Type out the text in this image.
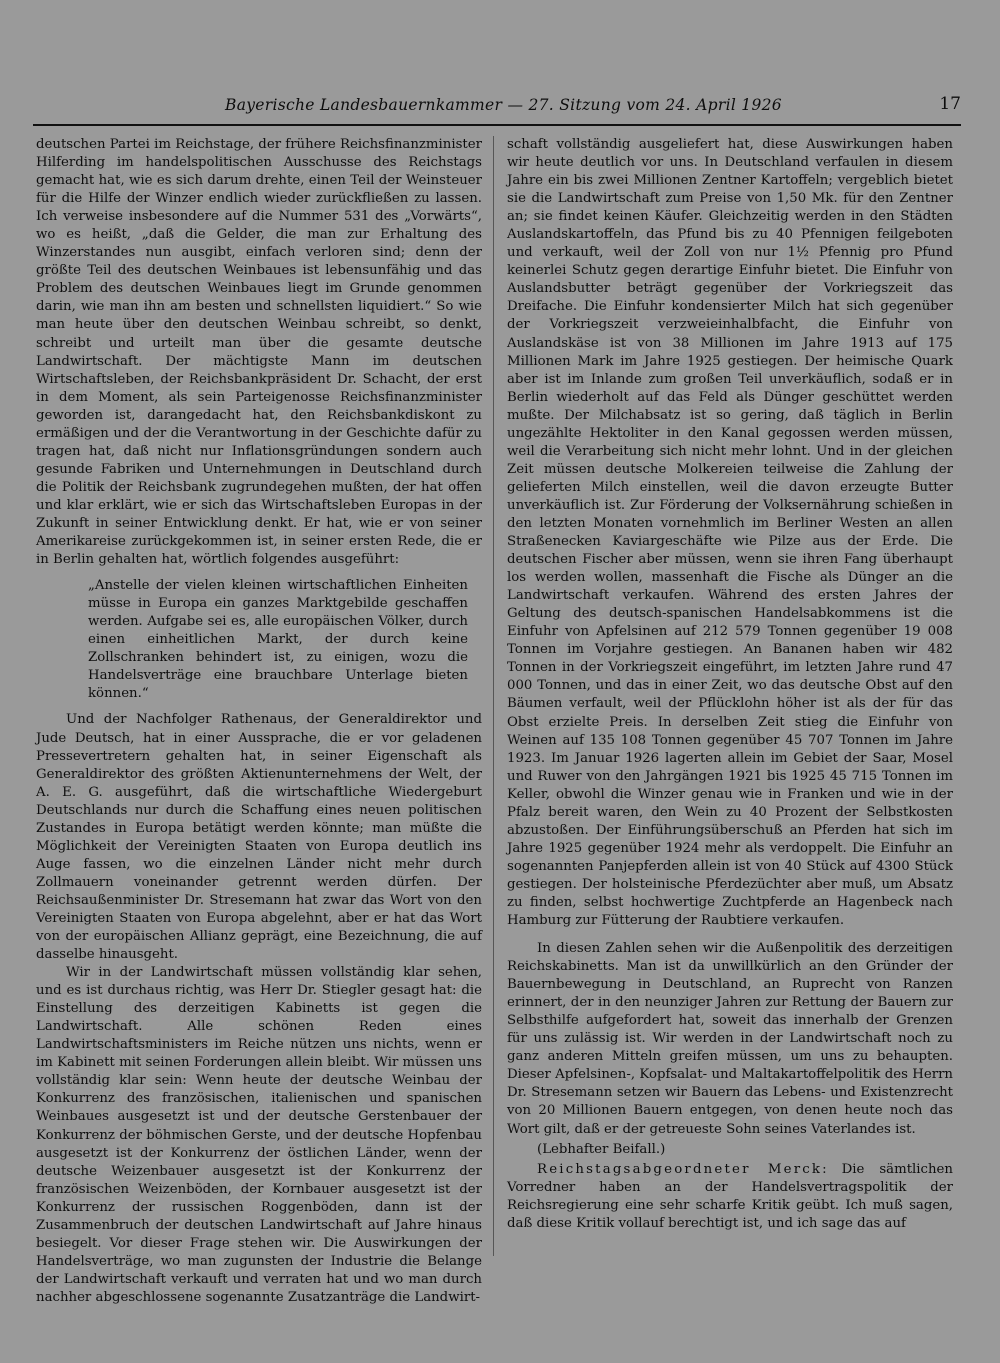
Bayerische Landesbauernkammer — 27. Sitzung vom 24. April 1926	17

deutschen Partei im Reichstage, der frühere Reichsfinanzminister Hilferding im handelspolitischen Ausschusse des Reichstags gemacht hat, wie es sich darum drehte, einen Teil der Weinsteuer für die Hilfe der Winzer endlich wieder zurückfließen zu lassen. Ich verweise insbesondere auf die Nummer 531 des „Vorwärts“, wo es heißt, „daß die Gelder, die man zur Erhaltung des Winzerstandes nun ausgibt, einfach verloren sind; denn der größte Teil des deutschen Weinbaues ist lebensunfähig und das Problem des deutschen Weinbaues liegt im Grunde genommen darin, wie man ihn am besten und schnellsten liquidiert.“ So wie man heute über den deutschen Weinbau schreibt, so denkt, schreibt und urteilt man über die gesamte deutsche Landwirtschaft. Der mächtigste Mann im deutschen Wirtschaftsleben, der Reichsbankpräsident Dr. Schacht, der erst in dem Moment, als sein Parteigenosse Reichsfinanzminister geworden ist, darangedacht hat, den Reichsbankdiskont zu ermäßigen und der die Verantwortung in der Geschichte dafür zu tragen hat, daß nicht nur Inflationsgründungen sondern auch gesunde Fabriken und Unternehmungen in Deutschland durch die Politik der Reichsbank zugrundegehen mußten, der hat offen und klar erklärt, wie er sich das Wirtschaftsleben Europas in der Zukunft in seiner Entwicklung denkt. Er hat, wie er von seiner Amerikareise zurückgekommen ist, in seiner ersten Rede, die er in Berlin gehalten hat, wörtlich folgendes ausgeführt:

„Anstelle der vielen kleinen wirtschaftlichen Einheiten müsse in Europa ein ganzes Marktgebilde geschaffen werden. Aufgabe sei es, alle europäischen Völker, durch einen einheitlichen Markt, der durch keine Zollschranken behindert ist, zu einigen, wozu die Handelsverträge eine brauchbare Unterlage bieten können.“

Und der Nachfolger Rathenaus, der Generaldirektor und Jude Deutsch, hat in einer Aussprache, die er vor geladenen Pressevertretern gehalten hat, in seiner Eigenschaft als Generaldirektor des größten Aktienunternehmens der Welt, der A. E. G. ausgeführt, daß die wirtschaftliche Wiedergeburt Deutschlands nur durch die Schaffung eines neuen politischen Zustandes in Europa betätigt werden könnte; man müßte die Möglichkeit der Vereinigten Staaten von Europa deutlich ins Auge fassen, wo die einzelnen Länder nicht mehr durch Zollmauern voneinander getrennt werden dürfen. Der Reichsaußenminister Dr. Stresemann hat zwar das Wort von den Vereinigten Staaten von Europa abgelehnt, aber er hat das Wort von der europäischen Allianz geprägt, eine Bezeichnung, die auf dasselbe hinausgeht.

Wir in der Landwirtschaft müssen vollständig klar sehen, und es ist durchaus richtig, was Herr Dr. Stiegler gesagt hat: die Einstellung des derzeitigen Kabinetts ist gegen die Landwirtschaft. Alle schönen Reden eines Landwirtschaftsministers im Reiche nützen uns nichts, wenn er im Kabinett mit seinen Forderungen allein bleibt. Wir müssen uns vollständig klar sein: Wenn heute der deutsche Weinbau der Konkurrenz des französischen, italienischen und spanischen Weinbaues ausgesetzt ist und der deutsche Gerstenbauer der Konkurrenz der böhmischen Gerste, und der deutsche Hopfenbau ausgesetzt ist der Konkurrenz der östlichen Länder, wenn der deutsche Weizenbauer ausgesetzt ist der Konkurrenz der französischen Weizenböden, der Kornbauer ausgesetzt ist der Konkurrenz der russischen Roggenböden, dann ist der Zusammenbruch der deutschen Landwirtschaft auf Jahre hinaus besiegelt. Vor dieser Frage stehen wir. Die Auswirkungen der Handelsverträge, wo man zugunsten der Industrie die Belange der Landwirtschaft verkauft und verraten hat und wo man durch nachher abgeschlossene sogenannte Zusatzanträge die Landwirt-

schaft vollständig ausgeliefert hat, diese Auswirkungen haben wir heute deutlich vor uns. In Deutschland verfaulen in diesem Jahre ein bis zwei Millionen Zentner Kartoffeln; vergeblich bietet sie die Landwirtschaft zum Preise von 1,50 Mk. für den Zentner an; sie findet keinen Käufer. Gleichzeitig werden in den Städten Auslandskartoffeln, das Pfund bis zu 40 Pfennigen feilgeboten und verkauft, weil der Zoll von nur 1½ Pfennig pro Pfund keinerlei Schutz gegen derartige Einfuhr bietet. Die Einfuhr von Auslandsbutter beträgt gegenüber der Vorkriegszeit das Dreifache. Die Einfuhr kondensierter Milch hat sich gegenüber der Vorkriegszeit verzweieinhalbfacht, die Einfuhr von Auslandskäse ist von 38 Millionen im Jahre 1913 auf 175 Millionen Mark im Jahre 1925 gestiegen. Der heimische Quark aber ist im Inlande zum großen Teil unverkäuflich, sodaß er in Berlin wiederholt auf das Feld als Dünger geschüttet werden mußte. Der Milchabsatz ist so gering, daß täglich in Berlin ungezählte Hektoliter in den Kanal gegossen werden müssen, weil die Verarbeitung sich nicht mehr lohnt. Und in der gleichen Zeit müssen deutsche Molkereien teilweise die Zahlung der gelieferten Milch einstellen, weil die davon erzeugte Butter unverkäuflich ist. Zur Förderung der Volksernährung schießen in den letzten Monaten vornehmlich im Berliner Westen an allen Straßenecken Kaviargeschäfte wie Pilze aus der Erde. Die deutschen Fischer aber müssen, wenn sie ihren Fang überhaupt los werden wollen, massenhaft die Fische als Dünger an die Landwirtschaft verkaufen. Während des ersten Jahres der Geltung des deutsch-spanischen Handelsabkommens ist die Einfuhr von Apfelsinen auf 212 579 Tonnen gegenüber 19 008 Tonnen im Vorjahre gestiegen. An Bananen haben wir 482 Tonnen in der Vorkriegszeit eingeführt, im letzten Jahre rund 47 000 Tonnen, und das in einer Zeit, wo das deutsche Obst auf den Bäumen verfault, weil der Pflücklohn höher ist als der für das Obst erzielte Preis. In derselben Zeit stieg die Einfuhr von Weinen auf 135 108 Tonnen gegenüber 45 707 Tonnen im Jahre 1923. Im Januar 1926 lagerten allein im Gebiet der Saar, Mosel und Ruwer von den Jahrgängen 1921 bis 1925 45 715 Tonnen im Keller, obwohl die Winzer genau wie in Franken und wie in der Pfalz bereit waren, den Wein zu 40 Prozent der Selbstkosten abzustoßen. Der Einführungsüberschuß an Pferden hat sich im Jahre 1925 gegenüber 1924 mehr als verdoppelt. Die Einfuhr an sogenannten Panjepferden allein ist von 40 Stück auf 4300 Stück gestiegen. Der holsteinische Pferdezüchter aber muß, um Absatz zu finden, selbst hochwertige Zuchtpferde an Hagenbeck nach Hamburg zur Fütterung der Raubtiere verkaufen.

In diesen Zahlen sehen wir die Außenpolitik des derzeitigen Reichskabinetts. Man ist da unwillkürlich an den Gründer der Bauernbewegung in Deutschland, an Ruprecht von Ranzen erinnert, der in den neunziger Jahren zur Rettung der Bauern zur Selbsthilfe aufgefordert hat, soweit das innerhalb der Grenzen für uns zulässig ist. Wir werden in der Landwirtschaft noch zu ganz anderen Mitteln greifen müssen, um uns zu behaupten. Dieser Apfelsinen-, Kopfsalat- und Maltakartoffelpolitik des Herrn Dr. Stresemann setzen wir Bauern das Lebens- und Existenzrecht von 20 Millionen Bauern entgegen, von denen heute noch das Wort gilt, daß er der getreueste Sohn seines Vaterlandes ist.

(Lebhafter Beifall.)

Reichstagsabgeordneter Merck: Die sämtlichen Vorredner haben an der Handelsvertragspolitik der Reichsregierung eine sehr scharfe Kritik geübt. Ich muß sagen, daß diese Kritik vollauf berechtigt ist, und ich sage das auf
